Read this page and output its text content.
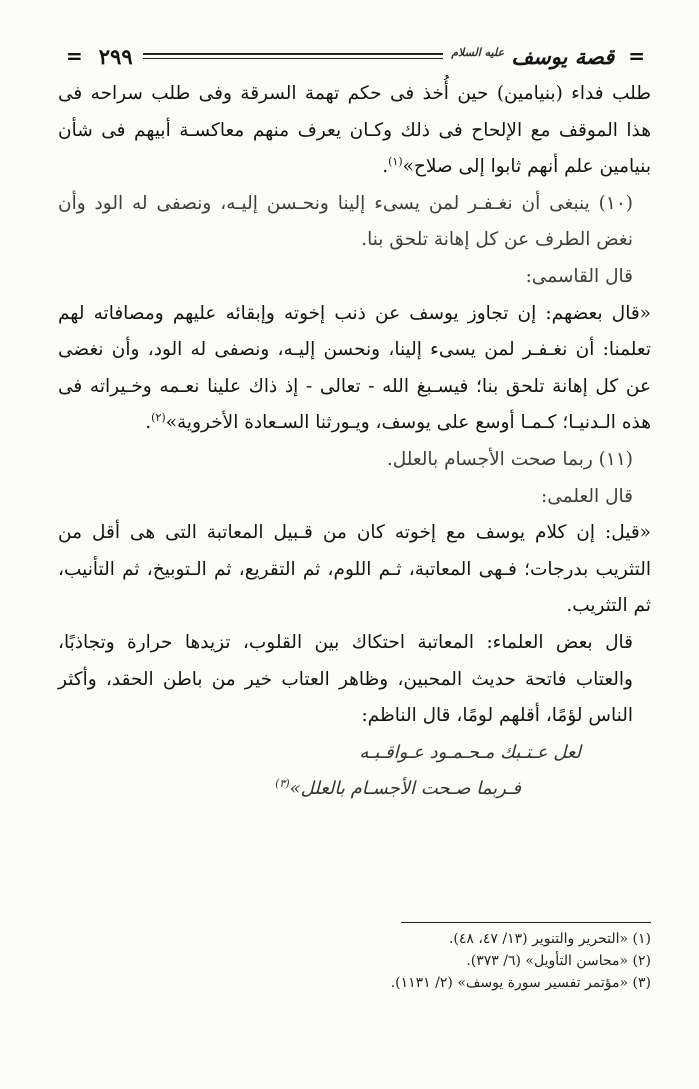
=
قصة يوسف $^{عليه السلام}$
٢٩٩
=

طلب فداء (بنيامين) حين أُخذ فى حكم تهمة السرقة وفى طلب سراحه فى هذا الموقف مع الإلحاح فى ذلك وكـان يعرف منهم معاكسـة أبيهم فى شأن بنيامين علم أنهم ثابوا إلى صلاح»$^{(١)}$.

(١٠) ينبغى أن نغـفـر لمن يسىء إلينا ونحـسن إليـه، ونصفى له الود وأن نغض الطرف عن كل إهانة تلحق بنا.

قال القاسمى:

«قال بعضهم: إن تجاوز يوسف عن ذنب إخوته وإبقائه عليهم ومصافاته لهم تعلمنا: أن نغـفـر لمن يسىء إلينا، ونحسن إليـه، ونصفى له الود، وأن نغضى عن كل إهانة تلحق بنا؛ فيسـبغ الله - تعالى - إذ ذاك علينا نعـمه وخـيراته فى هذه الـدنيـا؛ كـمـا أوسع على يوسف، ويـورثنا السـعادة الأخروية»$^{(٢)}$.

(١١) ربما صحت الأجسام بالعلل.

قال العلمى:

«قيل: إن كلام يوسف مع إخوته كان من قـبيل المعاتبة التى هى أقل من التثريب بدرجات؛ فـهى المعاتبة، ثـم اللوم، ثم التقريع، ثم الـتوبيخ، ثم التأنيب، ثم التثريب.

قال بعض العلماء: المعاتبة احتكاك بين القلوب، تزيدها حرارة وتجاذبًا، والعتاب فاتحة حديث المحبين، وظاهر العتاب خير من باطن الحقد، وأكثر الناس لؤمًا، أقلهم لومًا، قال الناظم:

لعل عـتـبك مـحـمـود عـواقـبـه

فـربما صـحت الأجسـام بالعلل»$^{(٣)}$

(١) «التحرير والتنوير (١٣/ ٤٧، ٤٨).

(٢) «محاسن التأويل» (٦/ ٣٧٣).

(٣) «مؤتمر تفسير سورة يوسف» (٢/ ١١٣١).
